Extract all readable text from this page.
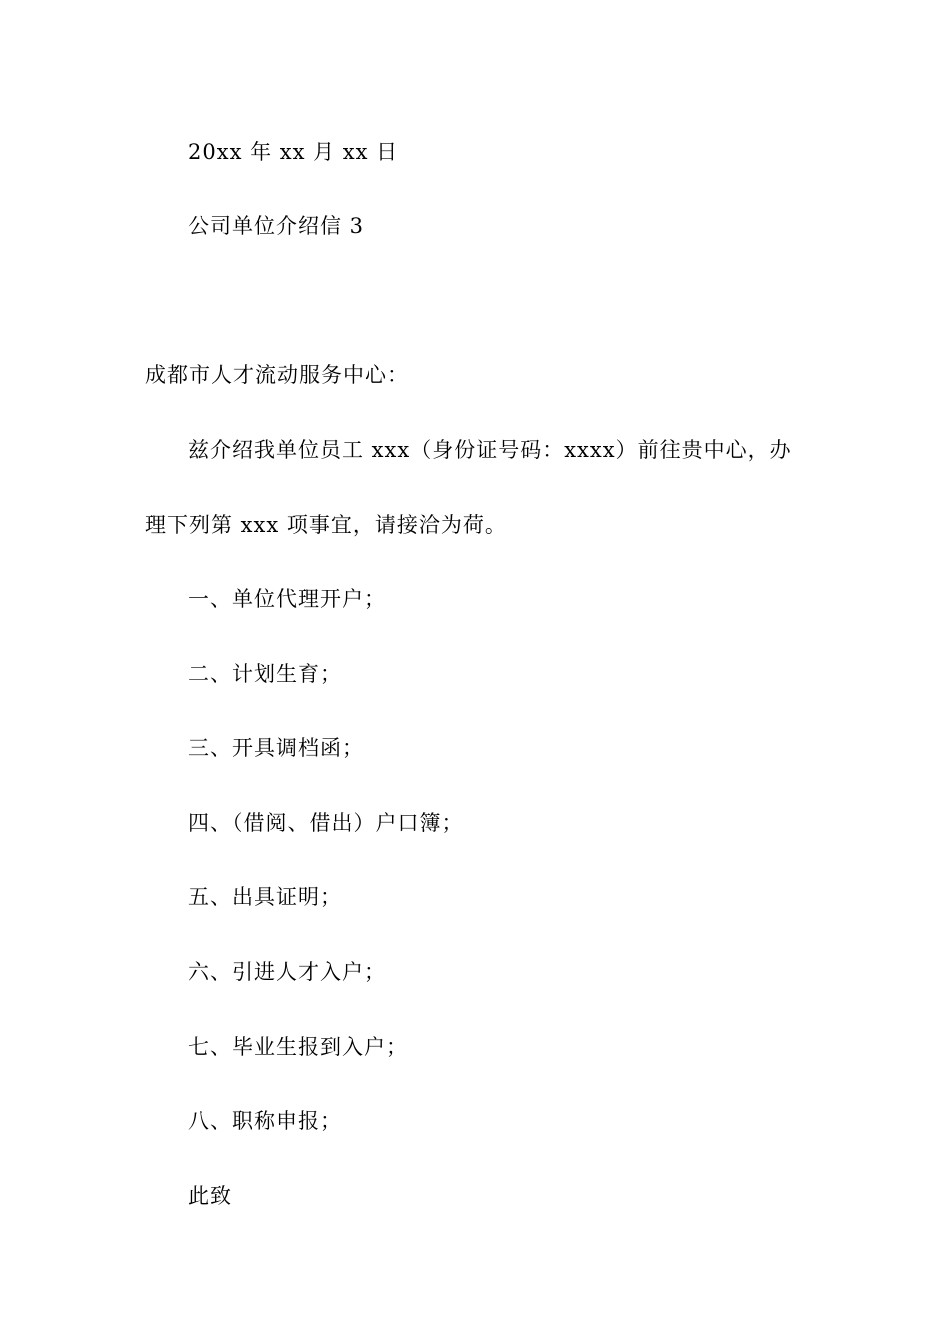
20xx 年 xx 月 xx 日
公司单位介绍信 3
成都市人才流动服务中心：
兹介绍我单位员工 xxx（身份证号码：xxxx）前往贵中心，办
理下列第 xxx 项事宜，请接洽为荷。
一、单位代理开户；
二、计划生育；
三、开具调档函；
四、（借阅、借出）户口簿；
五、出具证明；
六、引进人才入户；
七、毕业生报到入户；
八、职称申报；
此致
